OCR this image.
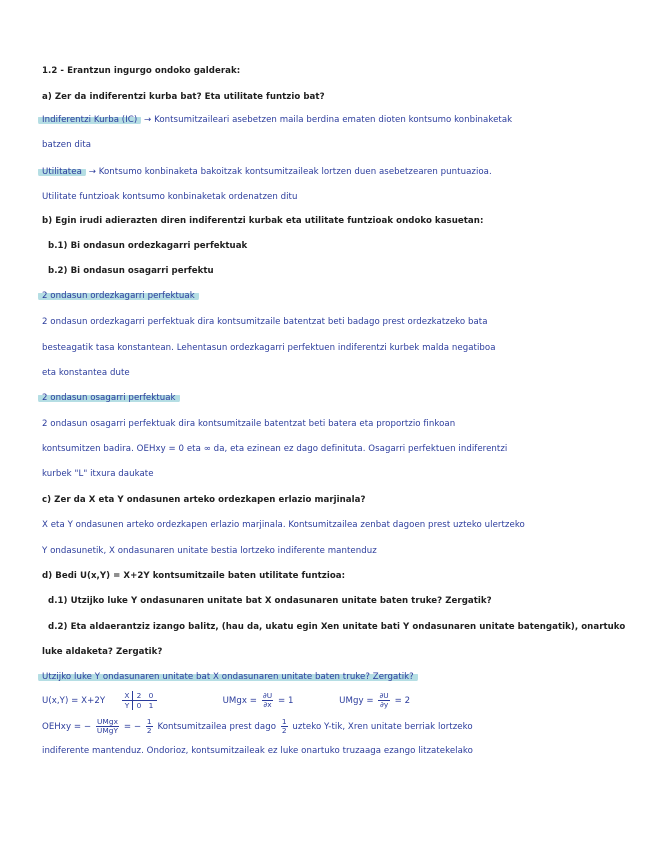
1.2 - Erantzun ingurgo ondoko galderak:
a) Zer da indiferentzi kurba bat? Eta utilitate funtzio bat?
Indiferentzi Kurba (IC) → Kontsumitzaileari asebetzen maila berdina ematen dioten kontsumo konbinaketak
batzen dita
Utilitatea → Kontsumo konbinaketa bakoitzak kontsumitzaileak lortzen duen asebetzearen puntuazioa.
Utilitate funtzioak kontsumo konbinaketak ordenatzen ditu
b) Egin irudi adierazten diren indiferentzi kurbak eta utilitate funtzioak ondoko kasuetan:
b.1) Bi ondasun ordezkagarri perfektuak
b.2) Bi ondasun osagarri perfektu
2 ondasun ordezkagarri perfektuak
2 ondasun ordezkagarri perfektuak dira kontsumitzaile batentzat beti badago prest ordezkatzeko bata
besteagatik tasa konstantean. Lehentasun ordezkagarri perfektuen indiferentzi kurbek malda negatiboa
eta konstantea dute
2 ondasun osagarri perfektuak
2 ondasun osagarri perfektuak dira kontsumitzaile batentzat beti batera eta proportzio finkoan
kontsumitzen badira. OEHxy = 0 eta ∞ da, eta ezinean ez dago definituta. Osagarri perfektuen indiferentzi
kurbek "L" itxura daukate
c) Zer da X eta Y ondasunen arteko ordezkapen erlazio marjinala?
X eta Y ondasunen arteko ordezkapen erlazio marjinala. Kontsumitzailea zenbat dagoen prest uzteko ulertzeko
Y ondasunetik, X ondasunaren unitate bestia lortzeko indiferente mantenduz
d) Bedi U(x,Y) = X+2Y kontsumitzaile baten utilitate funtzioa:
d.1) Utzijko luke Y ondasunaren unitate bat X ondasunaren unitate baten truke? Zergatik?
d.2) Eta aldaerantziz izango balitz, (hau da, ukatu egin Xen unitate bati Y ondasunaren unitate batengatik), onartuko
luke aldaketa? Zergatik?
Utzijko luke Y ondasunaren unitate bat X ondasunaren unitate baten truke? Zergatik?
$U(x,Y) = X+2Y \frac{X 2 0}{Y 0 1}$	UMgx = $\frac{\partial U}{\partial x} = 1$	UMgy = $\frac{\partial U}{\partial y} = 2$
OEHxy = − $\frac{\text{UMgx}}{\text{UMgY}}$ = − $\frac{1}{2}$ Kontsumitzailea prest dago $\frac{1}{2}$ uzteko Y-tik, Xren unitate berriak lortzeko
indiferente mantenduz. Ondorioz, kontsumitzaileak ez luke onartuko truzaaga ezango litzatekelako
